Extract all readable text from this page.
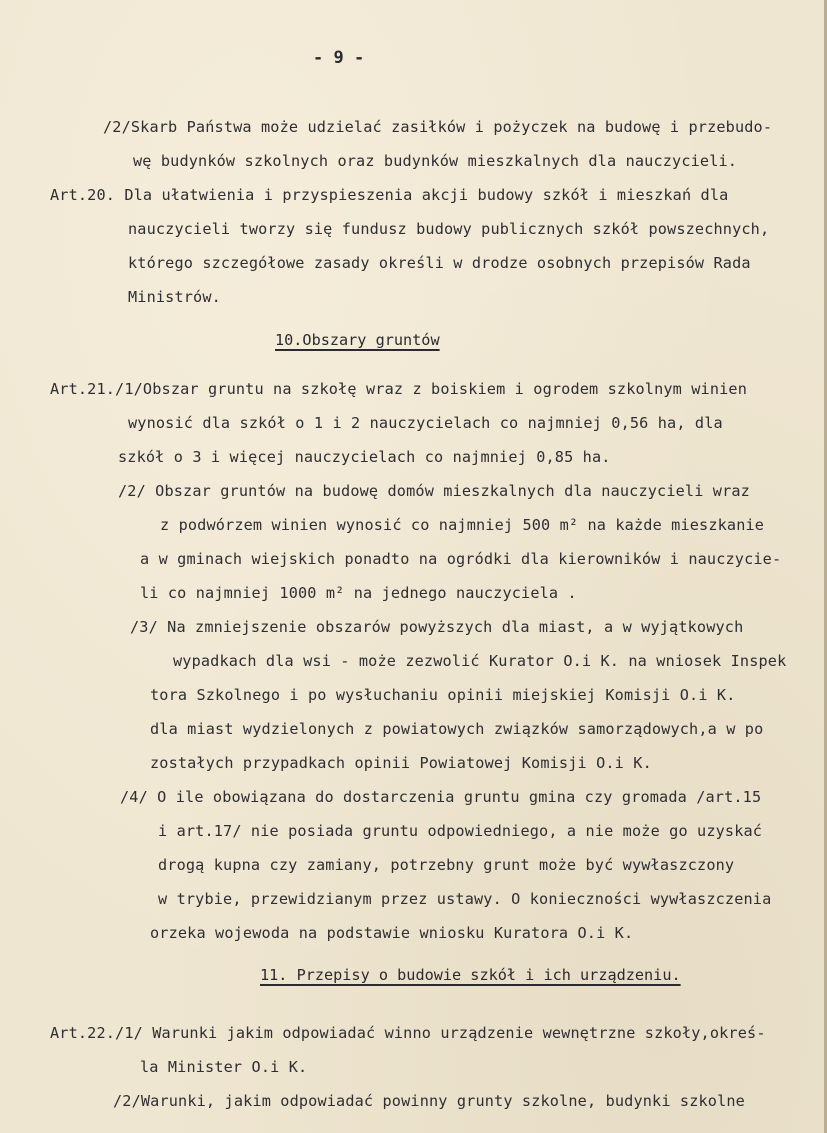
- 9 -
/2/Skarb Państwa może udzielać zasiłków i pożyczek na budowę i przebudo-
wę budynków szkolnych oraz budynków mieszkalnych dla nauczycieli.
Art.20. Dla ułatwienia i przyspieszenia akcji budowy szkół i mieszkań dla
nauczycieli tworzy się fundusz budowy publicznych szkół powszechnych,
którego szczegółowe zasady określi w drodze osobnych przepisów Rada
Ministrów.
10.Obszary gruntów
Art.21./1/Obszar gruntu na szkołę wraz z boiskiem i ogrodem szkolnym winien
wynosić dla szkół o 1 i 2 nauczycielach co najmniej 0,56 ha, dla
szkół o 3 i więcej nauczycielach co najmniej 0,85 ha.
/2/ Obszar gruntów na budowę domów mieszkalnych dla nauczycieli wraz
z podwórzem winien wynosić co najmniej 500 m² na każde mieszkanie
a w gminach wiejskich ponadto na ogródki dla kierowników i nauczycie-
li co najmniej 1000 m² na jednego nauczyciela .
/3/ Na zmniejszenie obszarów powyższych dla miast, a w wyjątkowych
wypadkach dla wsi - może zezwolić Kurator O.i K. na wniosek Inspek
tora Szkolnego i po wysłuchaniu opinii miejskiej Komisji O.i K.
dla miast wydzielonych z powiatowych związków samorządowych,a w po
zostałych przypadkach opinii Powiatowej Komisji O.i K.
/4/ O ile obowiązana do dostarczenia gruntu gmina czy gromada /art.15
i art.17/ nie posiada gruntu odpowiedniego, a nie może go uzyskać
drogą kupna czy zamiany, potrzebny grunt może być wywłaszczony
w trybie, przewidzianym przez ustawy. O konieczności wywłaszczenia
orzeka wojewoda na podstawie wniosku Kuratora O.i K.
11. Przepisy o budowie szkół i ich urządzeniu.
Art.22./1/ Warunki jakim odpowiadać winno urządzenie wewnętrzne szkoły,okreś-
la Minister O.i K.
/2/Warunki, jakim odpowiadać powinny grunty szkolne, budynki szkolne
